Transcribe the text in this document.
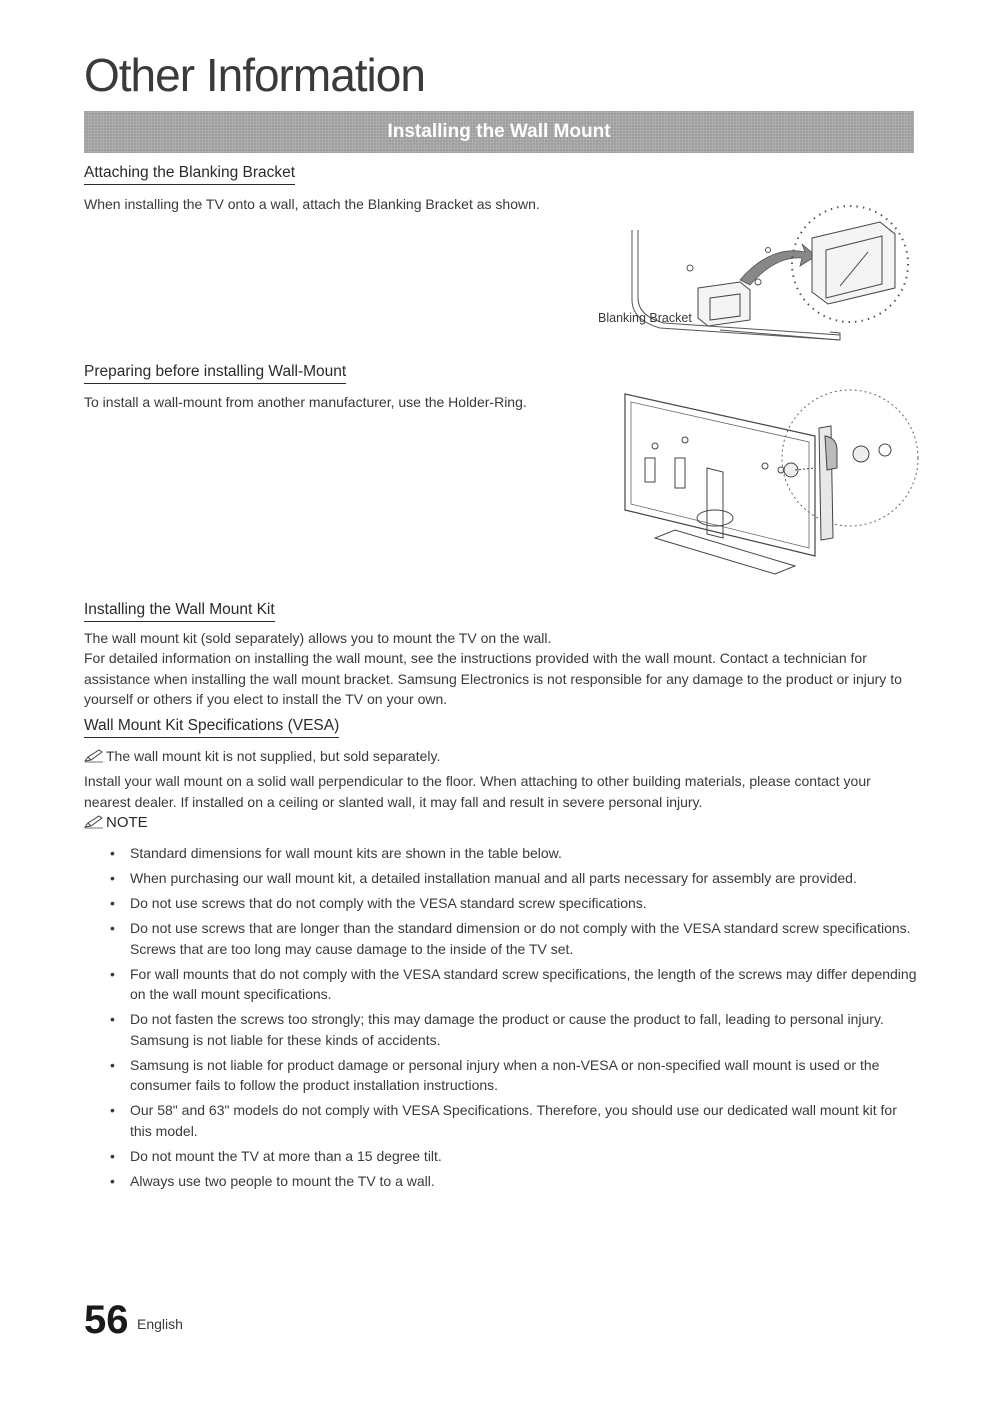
Other Information
Installing the Wall Mount
Attaching the Blanking Bracket
When installing the TV onto a wall, attach the Blanking Bracket as shown.
Blanking Bracket
Preparing before installing Wall-Mount
To install a wall-mount from another manufacturer, use the Holder-Ring.
Installing the Wall Mount Kit
The wall mount kit (sold separately) allows you to mount the TV on the wall.
For detailed information on installing the wall mount, see the instructions provided with the wall mount. Contact a technician for assistance when installing the wall mount bracket. Samsung Electronics is not responsible for any damage to the product or injury to yourself or others if you elect to install the TV on your own.
Wall Mount Kit Specifications (VESA)
The wall mount kit is not supplied, but sold separately.
Install your wall mount on a solid wall perpendicular to the floor. When attaching to other building materials, please contact your nearest dealer. If installed on a ceiling or slanted wall, it may fall and result in severe personal injury.
NOTE
• Standard dimensions for wall mount kits are shown in the table below.
• When purchasing our wall mount kit, a detailed installation manual and all parts necessary for assembly are provided.
• Do not use screws that do not comply with the VESA standard screw specifications.
• Do not use screws that are longer than the standard dimension or do not comply with the VESA standard screw specifications. Screws that are too long may cause damage to the inside of the TV set.
• For wall mounts that do not comply with the VESA standard screw specifications, the length of the screws may differ depending on the wall mount specifications.
• Do not fasten the screws too strongly; this may damage the product or cause the product to fall, leading to personal injury. Samsung is not liable for these kinds of accidents.
• Samsung is not liable for product damage or personal injury when a non-VESA or non-specified wall mount is used or the consumer fails to follow the product installation instructions.
• Our 58" and 63" models do not comply with VESA Specifications. Therefore, you should use our dedicated wall mount kit for this model.
• Do not mount the TV at more than a 15 degree tilt.
• Always use two people to mount the TV to a wall.
56 English
